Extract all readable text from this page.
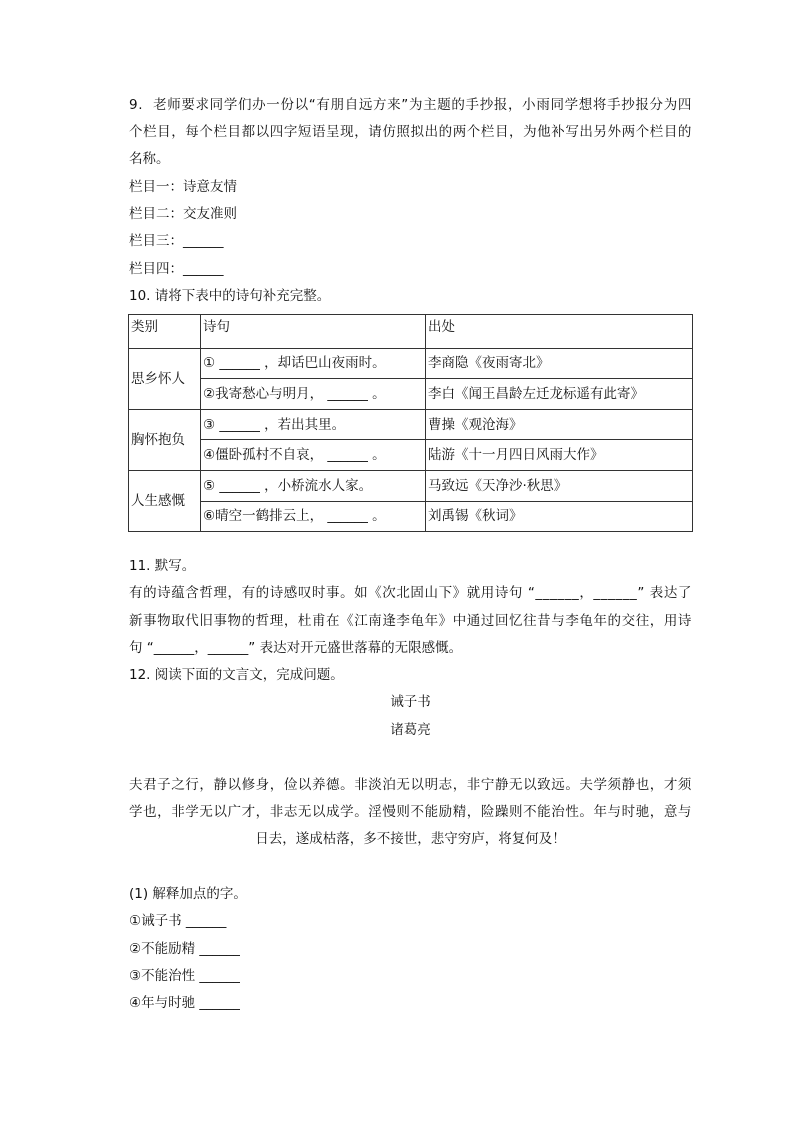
9.  老师要求同学们办一份以“有朋自远方来”为主题的手抄报，小雨同学想将手抄报分为四
个栏目，每个栏目都以四字短语呈现，请仿照拟出的两个栏目，为他补写出另外两个栏目的
名称。
栏目一：诗意友情
栏目二：交友准则
栏目三：______
栏目四：______
10. 请将下表中的诗句补充完整。
类别	诗句	出处
思乡怀人	① ______ ，却话巴山夜雨时。	李商隐《夜雨寄北》
	②我寄愁心与明月， ______ 。	李白《闻王昌龄左迁龙标遥有此寄》
胸怀抱负	③ ______ ，若出其里。	曹操《观沧海》
	④僵卧孤村不自哀， ______ 。	陆游《十一月四日风雨大作》
人生感慨	⑤ ______ ，小桥流水人家。	马致远《天净沙·秋思》
	⑥晴空一鹤排云上， ______ 。	刘禹锡《秋词》
11. 默写。
有的诗蕴含哲理，有的诗感叹时事。如《次北固山下》就用诗句 “______，______” 表达了
新事物取代旧事物的哲理，杜甫在《江南逢李龟年》中通过回忆往昔与李龟年的交往，用诗
句 “______，______” 表达对开元盛世落幕的无限感慨。
12. 阅读下面的文言文，完成问题。
诫子书
诸葛亮
夫君子之行，静以修身，俭以养德。非淡泊无以明志，非宁静无以致远。夫学须静也，才须
学也，非学无以广才，非志无以成学。淫慢则不能励精，险躁则不能治性。年与时驰，意与
日去，遂成枯落，多不接世，悲守穷庐，将复何及！
(1) 解释加点的字。
①诫子书 ______
②不能励精 ______
③不能治性 ______
④年与时驰 ______
